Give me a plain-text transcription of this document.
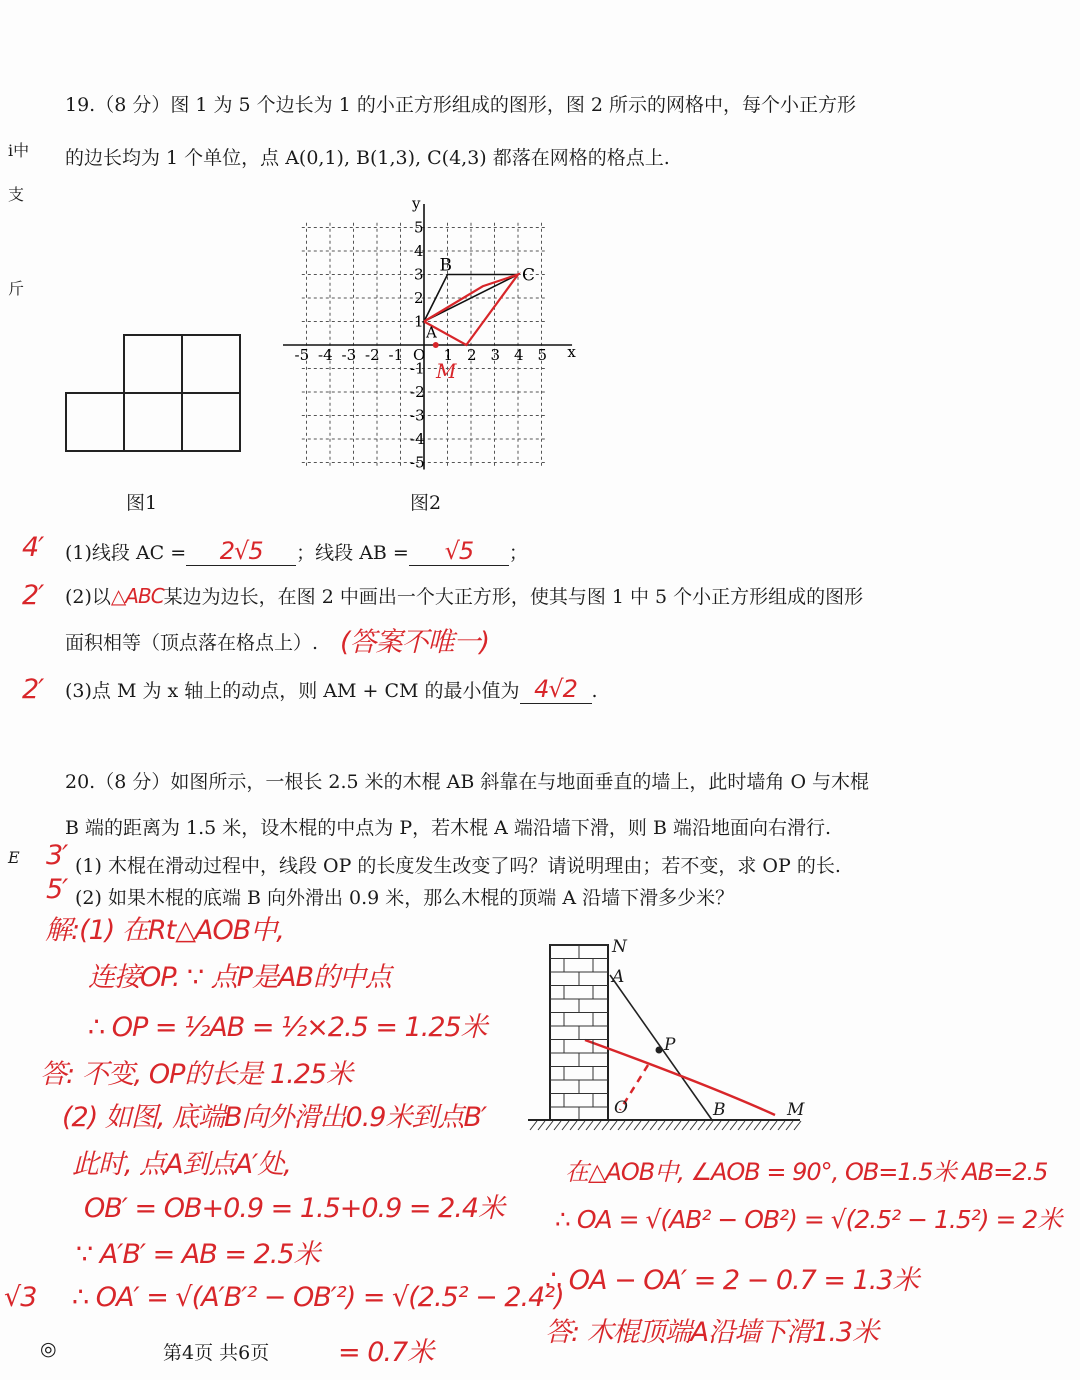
i中
支
斤
E
19.（8 分）图 1 为 5 个边长为 1 的小正方形组成的图形，图 2 所示的网格中，每个小正方形
的边长均为 1 个单位，点 A(0,1), B(1,3), C(4,3) 都落在网格的格点上.
-5 -4 -3 -2 -1	1 2 3 4 5
5
4
3
2
1
-1
-2
-3
-4
-5
O	x
y
A
B	C
M
图1	图2
4′ (1)线段 AC = 2√5 ；线段 AB = √5 ；
2′ (2)以△ABC某边为边长，在图 2 中画出一个大正方形，使其与图 1 中 5 个小正方形组成的图形
面积相等（顶点落在格点上）. (答案不唯一)
2′ (3)点 M 为 x 轴上的动点，则 AM + CM 的最小值为 4√2 .
20.（8 分）如图所示，一根长 2.5 米的木棍 AB 斜靠在与地面垂直的墙上，此时墙角 O 与木棍
B 端的距离为 1.5 米，设木棍的中点为 P，若木棍 A 端沿墙下滑，则 B 端沿地面向右滑行.
3′ (1) 木棍在滑动过程中，线段 OP 的长度发生改变了吗？请说明理由；若不变，求 OP 的长.
5′ (2) 如果木棍的底端 B 向外滑出 0.9 米，那么木棍的顶端 A 沿墙下滑多少米？
N
A
P
O	B	M
解:(1) 在Rt△AOB中,
连接OP. ∵ 点P是AB的中点
∴ OP = ½AB = ½×2.5 = 1.25米
答: 不变, OP的长是 1.25米
(2) 如图, 底端B向外滑出0.9米到点B′
此时, 点A到点A′处,
OB′ = OB+0.9 = 1.5+0.9 = 2.4米
∵ A′B′ = AB = 2.5米
√3 ∴ OA′ = √(A′B′² − OB′²) = √(2.5² − 2.4²)
= 0.7米
在△AOB中, ∠AOB = 90°, OB=1.5米 AB=2.5
∴ OA = √(AB² − OB²) = √(2.5² − 1.5²) = 2米
∴ OA − OA′ = 2 − 0.7 = 1.3米
答: 木棍顶端A沿墙下滑1.3米
◎	第4页 共6页
